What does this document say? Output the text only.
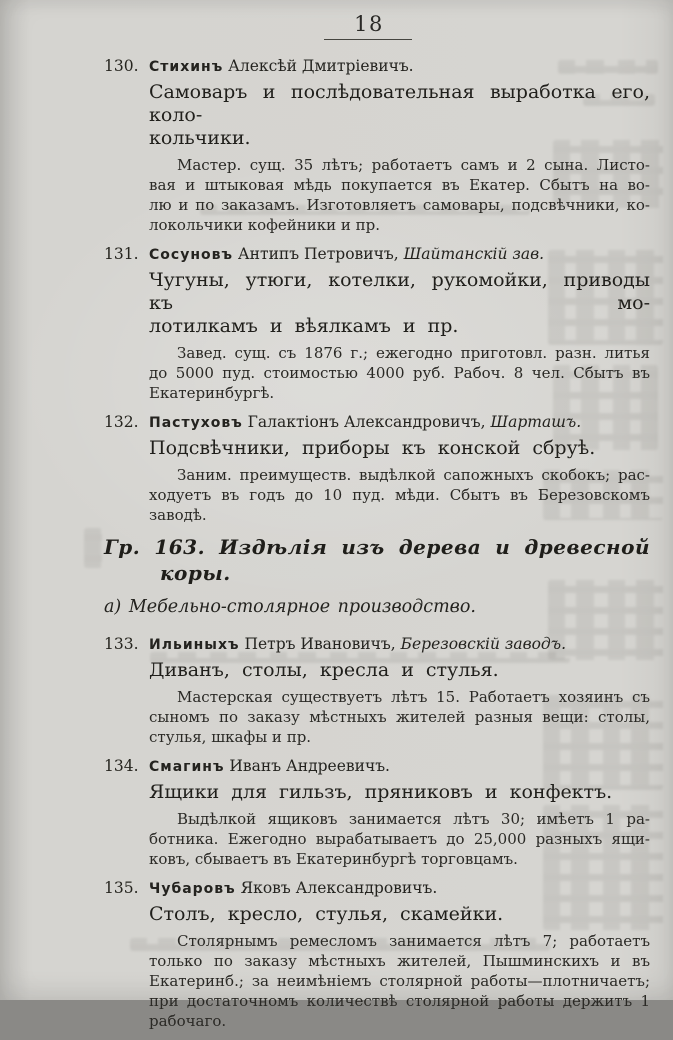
18
130. Стихинъ Алексѣй Дмитріевичъ.
Самоваръ и послѣдовательная выработка его, коло-
кольчики.
Мастер. сущ. 35 лѣтъ; работаетъ самъ и 2 сына. Листо-
вая и штыковая мѣдь покупается въ Екатер. Сбытъ на во-
лю и по заказамъ. Изготовляетъ самовары, подсвѣчники, ко-
локольчики кофейники и пр.
131. Сосуновъ Антипъ Петровичъ, Шайтанскій зав.
Чугуны, утюги, котелки, рукомойки, приводы къ мо-
лотилкамъ и вѣялкамъ и пр.
Завед. сущ. съ 1876 г.; ежегодно приготовл. разн. литья
до 5000 пуд. стоимостью 4000 руб. Рабоч. 8 чел. Сбытъ въ
Екатеринбургѣ.
132. Пастуховъ Галактіонъ Александровичъ, Шарташъ.
Подсвѣчники, приборы къ конской сбруѣ.
Заним. преимуществ. выдѣлкой сапожныхъ скобокъ; рас-
ходуетъ въ годъ до 10 пуд. мѣди. Сбытъ въ Березовскомъ
заводѣ.
Гр. 163. Издѣлія изъ дерева и древесной
коры.
а) Мебельно-столярное производство.
133. Ильиныхъ Петръ Ивановичъ, Березовскій заводъ.
Диванъ, столы, кресла и стулья.
Мастерская существуетъ лѣтъ 15. Работаетъ хозяинъ съ
сыномъ по заказу мѣстныхъ жителей разныя вещи: столы,
стулья, шкафы и пр.
134. Смагинъ Иванъ Андреевичъ.
Ящики для гильзъ, пряниковъ и конфектъ.
Выдѣлкой ящиковъ занимается лѣтъ 30; имѣетъ 1 ра-
ботника. Ежегодно вырабатываетъ до 25,000 разныхъ ящи-
ковъ, сбываетъ въ Екатеринбургѣ торговцамъ.
135. Чубаровъ Яковъ Александровичъ.
Столъ, кресло, стулья, скамейки.
Столярнымъ ремесломъ занимается лѣтъ 7; работаетъ
только по заказу мѣстныхъ жителей, Пышминскихъ и въ
Екатеринб.; за неимѣніемъ столярной работы—плотничаетъ;
при достаточномъ количествѣ столярной работы держитъ 1
рабочаго.
